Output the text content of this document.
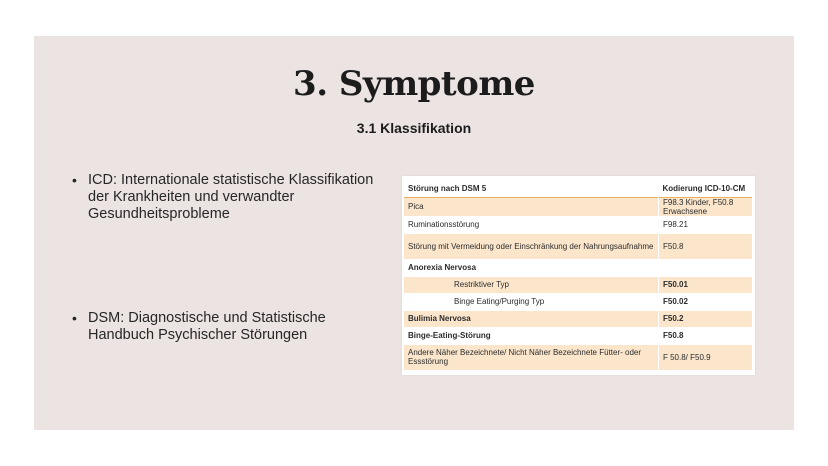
3. Symptome
3.1 Klassifikation
• ICD: Internationale statistische Klassifikation der Krankheiten und verwandter Gesundheitsprobleme
• DSM: Diagnostische und Statistische Handbuch Psychischer Störungen
Störung nach DSM 5	Kodierung ICD-10-CM
Pica	F98.3 Kinder, F50.8 Erwachsene
Ruminationsstörung	F98.21
Störung mit Vermeidung oder Einschränkung der Nahrungsaufnahme	F50.8
Anorexia Nervosa	
Restriktiver Typ	F50.01
Binge Eating/Purging Typ	F50.02
Bulimia Nervosa	F50.2
Binge-Eating-Störung	F50.8
Andere Näher Bezeichnete/ Nicht Näher Bezeichnete Fütter- oder Essstörung	F 50.8/ F50.9
